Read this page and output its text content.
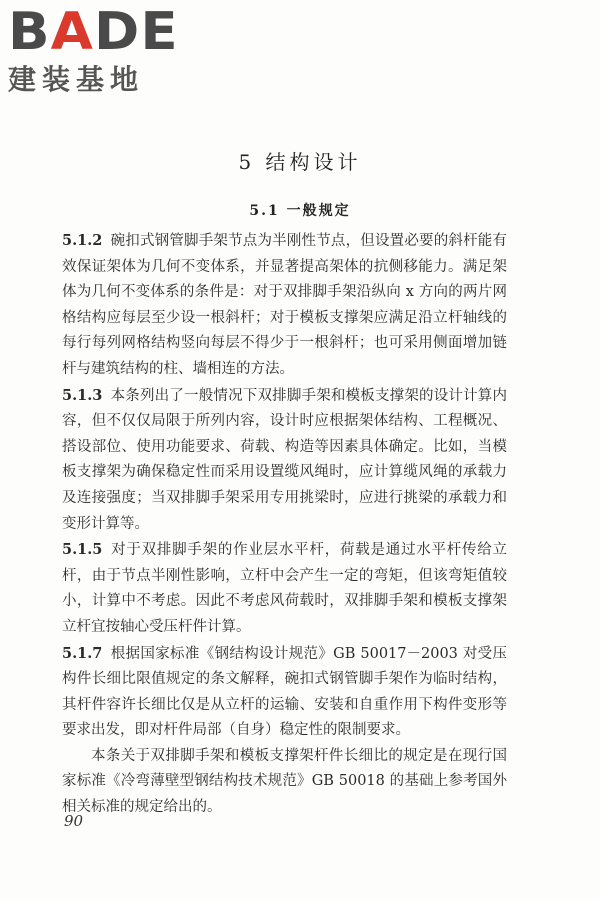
BADE
建装基地
5 结构设计
5.1 一般规定

5.1.2 碗扣式钢管脚手架节点为半刚性节点，但设置必要的斜杆能有效保证架体为几何不变体系，并显著提高架体的抗侧移能力。满足架体为几何不变体系的条件是：对于双排脚手架沿纵向 x 方向的两片网格结构应每层至少设一根斜杆；对于模板支撑架应满足沿立杆轴线的每行每列网格结构竖向每层不得少于一根斜杆；也可采用侧面增加链杆与建筑结构的柱、墙相连的方法。

5.1.3 本条列出了一般情况下双排脚手架和模板支撑架的设计计算内容，但不仅仅局限于所列内容，设计时应根据架体结构、工程概况、搭设部位、使用功能要求、荷载、构造等因素具体确定。比如，当模板支撑架为确保稳定性而采用设置缆风绳时，应计算缆风绳的承载力及连接强度；当双排脚手架采用专用挑梁时，应进行挑梁的承载力和变形计算等。

5.1.5 对于双排脚手架的作业层水平杆，荷载是通过水平杆传给立杆，由于节点半刚性影响，立杆中会产生一定的弯矩，但该弯矩值较小，计算中不考虑。因此不考虑风荷载时，双排脚手架和模板支撑架立杆宜按轴心受压杆件计算。

5.1.7 根据国家标准《钢结构设计规范》GB 50017－2003 对受压构件长细比限值规定的条文解释，碗扣式钢管脚手架作为临时结构，其杆件容许长细比仅是从立杆的运输、安装和自重作用下构件变形等要求出发，即对杆件局部（自身）稳定性的限制要求。

本条关于双排脚手架和模板支撑架杆件长细比的规定是在现行国家标准《冷弯薄壁型钢结构技术规范》GB 50018 的基础上参考国外相关标准的规定给出的。

90
